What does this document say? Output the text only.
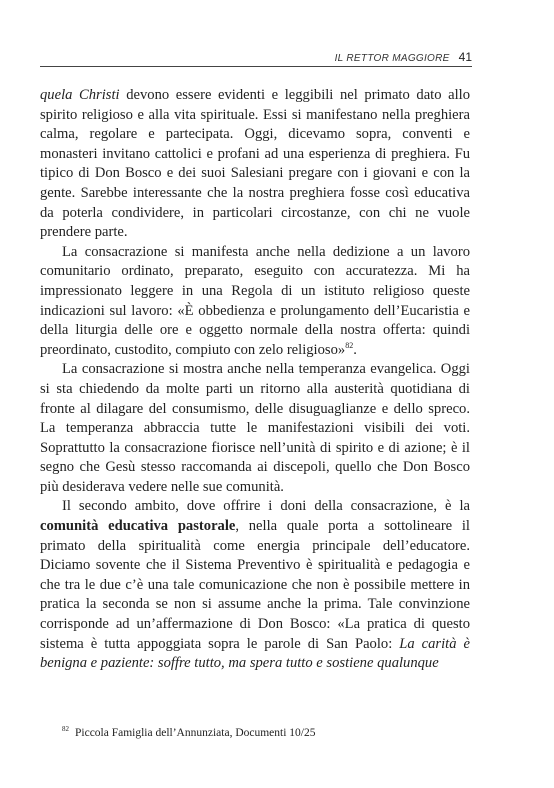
IL RETTOR MAGGIORE 41

quela Christi devono essere evidenti e leggibili nel primato dato allo spirito religioso e alla vita spirituale. Essi si manifestano nella preghiera calma, regolare e partecipata. Oggi, dicevamo sopra, conventi e monasteri invitano cattolici e profani ad una esperienza di preghiera. Fu tipico di Don Bosco e dei suoi Salesiani pregare con i giovani e con la gente. Sarebbe interessante che la nostra preghiera fosse così educativa da poterla condividere, in particolari circostanze, con chi ne vuole prendere parte.

La consacrazione si manifesta anche nella dedizione a un lavoro comunitario ordinato, preparato, eseguito con accuratezza. Mi ha impressionato leggere in una Regola di un istituto religioso queste indicazioni sul lavoro: «È obbedienza e prolungamento dell’Eucaristia e della liturgia delle ore e oggetto normale della nostra offerta: quindi preordinato, custodito, compiuto con zelo religioso»$^{82}$.

La consacrazione si mostra anche nella temperanza evangelica. Oggi si sta chiedendo da molte parti un ritorno alla austerità quotidiana di fronte al dilagare del consumismo, delle disuguaglianze e dello spreco. La temperanza abbraccia tutte le manifestazioni visibili dei voti. Soprattutto la consacrazione fiorisce nell’unità di spirito e di azione; è il segno che Gesù stesso raccomanda ai discepoli, quello che Don Bosco più desiderava vedere nelle sue comunità.

Il secondo ambito, dove offrire i doni della consacrazione, è la comunità educativa pastorale, nella quale porta a sottolineare il primato della spiritualità come energia principale dell’educatore. Diciamo sovente che il Sistema Preventivo è spiritualità e pedagogia e che tra le due c’è una tale comunicazione che non è possibile mettere in pratica la seconda se non si assume anche la prima. Tale convinzione corrisponde ad un’affermazione di Don Bosco: «La pratica di questo sistema è tutta appoggiata sopra le parole di San Paolo: La carità è benigna e paziente: soffre tutto, ma spera tutto e sostiene qualunque

$^{82}$ Piccola Famiglia dell’Annunziata, Documenti 10/25
